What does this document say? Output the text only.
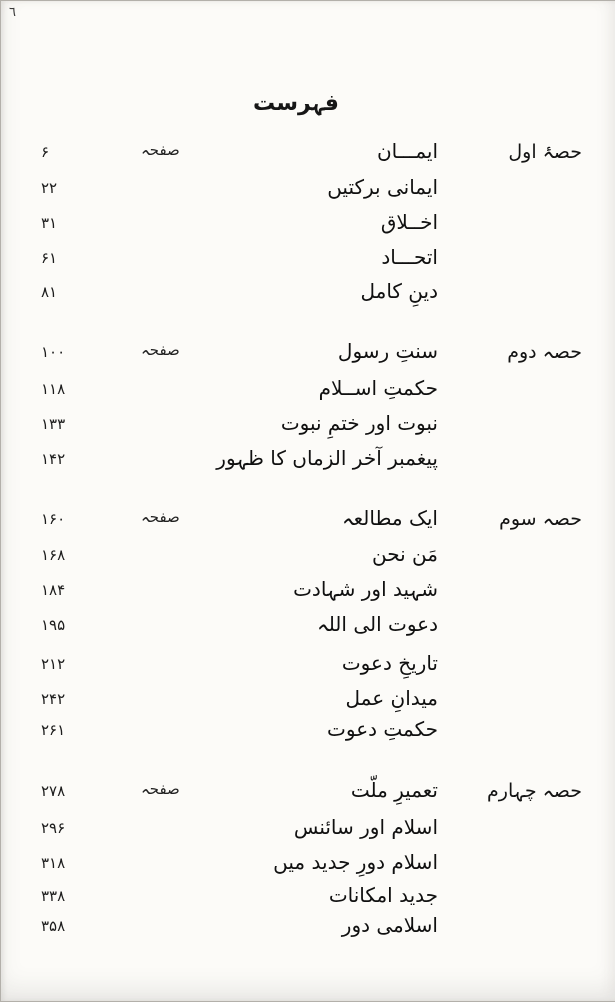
٦
فہرست
۶	صفحہ	ایمـــان	حصۂ اول
۲۲	ایمانی برکتیں
۳۱	اخــلاق
۶۱	اتحـــاد
۸۱	دینِ کامل
۱۰۰	صفحہ	سنتِ رسول	حصہ دوم
۱۱۸	حکمتِ اســلام
۱۳۳	نبوت اور ختمِ نبوت
۱۴۲	پیغمبر آخر الزماں کا ظہور
۱۶۰	صفحہ	ایک مطالعہ	حصہ سوم
۱۶۸	مَن نحن
۱۸۴	شہید اور شہادت
۱۹۵	دعوت الی اللہ
۲۱۲	تاریخِ دعوت
۲۴۲	میدانِ عمل
۲۶۱	حکمتِ دعوت
۲۷۸	صفحہ	تعمیرِ ملّت	حصہ چہارم
۲۹۶	اسلام اور سائنس
۳۱۸	اسلام دورِ جدید میں
۳۳۸	جدید امکانات
۳۵۸	اسلامی دور
